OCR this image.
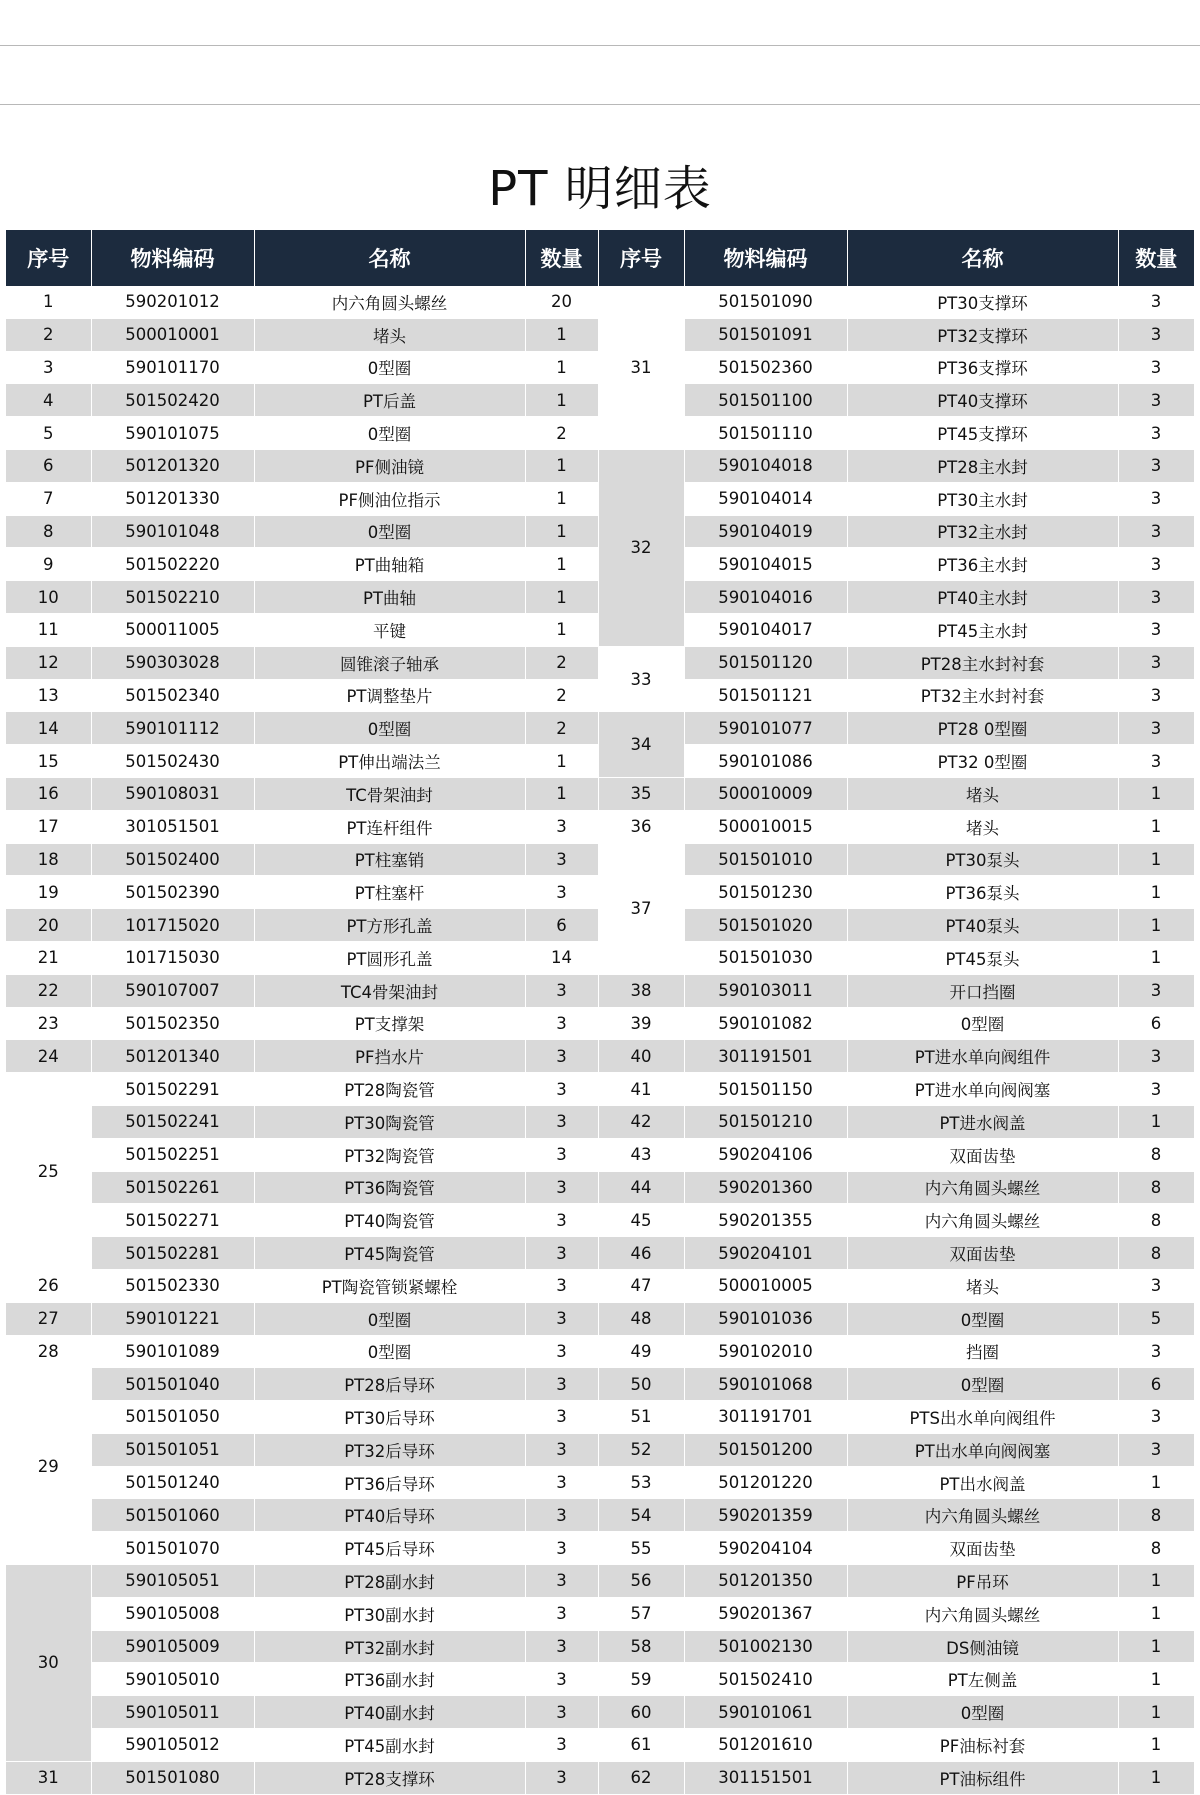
PT 明细表
序号	物料编码	名称	数量	序号	物料编码	名称	数量
1	590201012	内六角圆头螺丝	20	31	501501090	PT30支撑环	3
2	500010001	堵头	1		501501091	PT32支撑环	3
3	590101170	0型圈	1		501502360	PT36支撑环	3
4	501502420	PT后盖	1		501501100	PT40支撑环	3
5	590101075	0型圈	2		501501110	PT45支撑环	3
6	501201320	PF侧油镜	1	32	590104018	PT28主水封	3
7	501201330	PF侧油位指示	1		590104014	PT30主水封	3
8	590101048	0型圈	1		590104019	PT32主水封	3
9	501502220	PT曲轴箱	1		590104015	PT36主水封	3
10	501502210	PT曲轴	1		590104016	PT40主水封	3
11	500011005	平键	1		590104017	PT45主水封	3
12	590303028	圆锥滚子轴承	2	33	501501120	PT28主水封衬套	3
13	501502340	PT调整垫片	2		501501121	PT32主水封衬套	3
14	590101112	0型圈	2	34	590101077	PT28 0型圈	3
15	501502430	PT伸出端法兰	1		590101086	PT32 0型圈	3
16	590108031	TC骨架油封	1	35	500010009	堵头	1
17	301051501	PT连杆组件	3	36	500010015	堵头	1
18	501502400	PT柱塞销	3	37	501501010	PT30泵头	1
19	501502390	PT柱塞杆	3		501501230	PT36泵头	1
20	101715020	PT方形孔盖	6		501501020	PT40泵头	1
21	101715030	PT圆形孔盖	14		501501030	PT45泵头	1
22	590107007	TC4骨架油封	3	38	590103011	开口挡圈	3
23	501502350	PT支撑架	3	39	590101082	0型圈	6
24	501201340	PF挡水片	3	40	301191501	PT进水单向阀组件	3
25	501502291	PT28陶瓷管	3	41	501501150	PT进水单向阀阀塞	3
	501502241	PT30陶瓷管	3	42	501501210	PT进水阀盖	1
	501502251	PT32陶瓷管	3	43	590204106	双面齿垫	8
	501502261	PT36陶瓷管	3	44	590201360	内六角圆头螺丝	8
	501502271	PT40陶瓷管	3	45	590201355	内六角圆头螺丝	8
	501502281	PT45陶瓷管	3	46	590204101	双面齿垫	8
26	501502330	PT陶瓷管锁紧螺栓	3	47	500010005	堵头	3
27	590101221	0型圈	3	48	590101036	0型圈	5
28	590101089	0型圈	3	49	590102010	挡圈	3
29	501501040	PT28后导环	3	50	590101068	0型圈	6
	501501050	PT30后导环	3	51	301191701	PTS出水单向阀组件	3
	501501051	PT32后导环	3	52	501501200	PT出水单向阀阀塞	3
	501501240	PT36后导环	3	53	501201220	PT出水阀盖	1
	501501060	PT40后导环	3	54	590201359	内六角圆头螺丝	8
	501501070	PT45后导环	3	55	590204104	双面齿垫	8
30	590105051	PT28副水封	3	56	501201350	PF吊环	1
	590105008	PT30副水封	3	57	590201367	内六角圆头螺丝	1
	590105009	PT32副水封	3	58	501002130	DS侧油镜	1
	590105010	PT36副水封	3	59	501502410	PT左侧盖	1
	590105011	PT40副水封	3	60	590101061	0型圈	1
	590105012	PT45副水封	3	61	501201610	PF油标衬套	1
31	501501080	PT28支撑环	3	62	301151501	PT油标组件	1
